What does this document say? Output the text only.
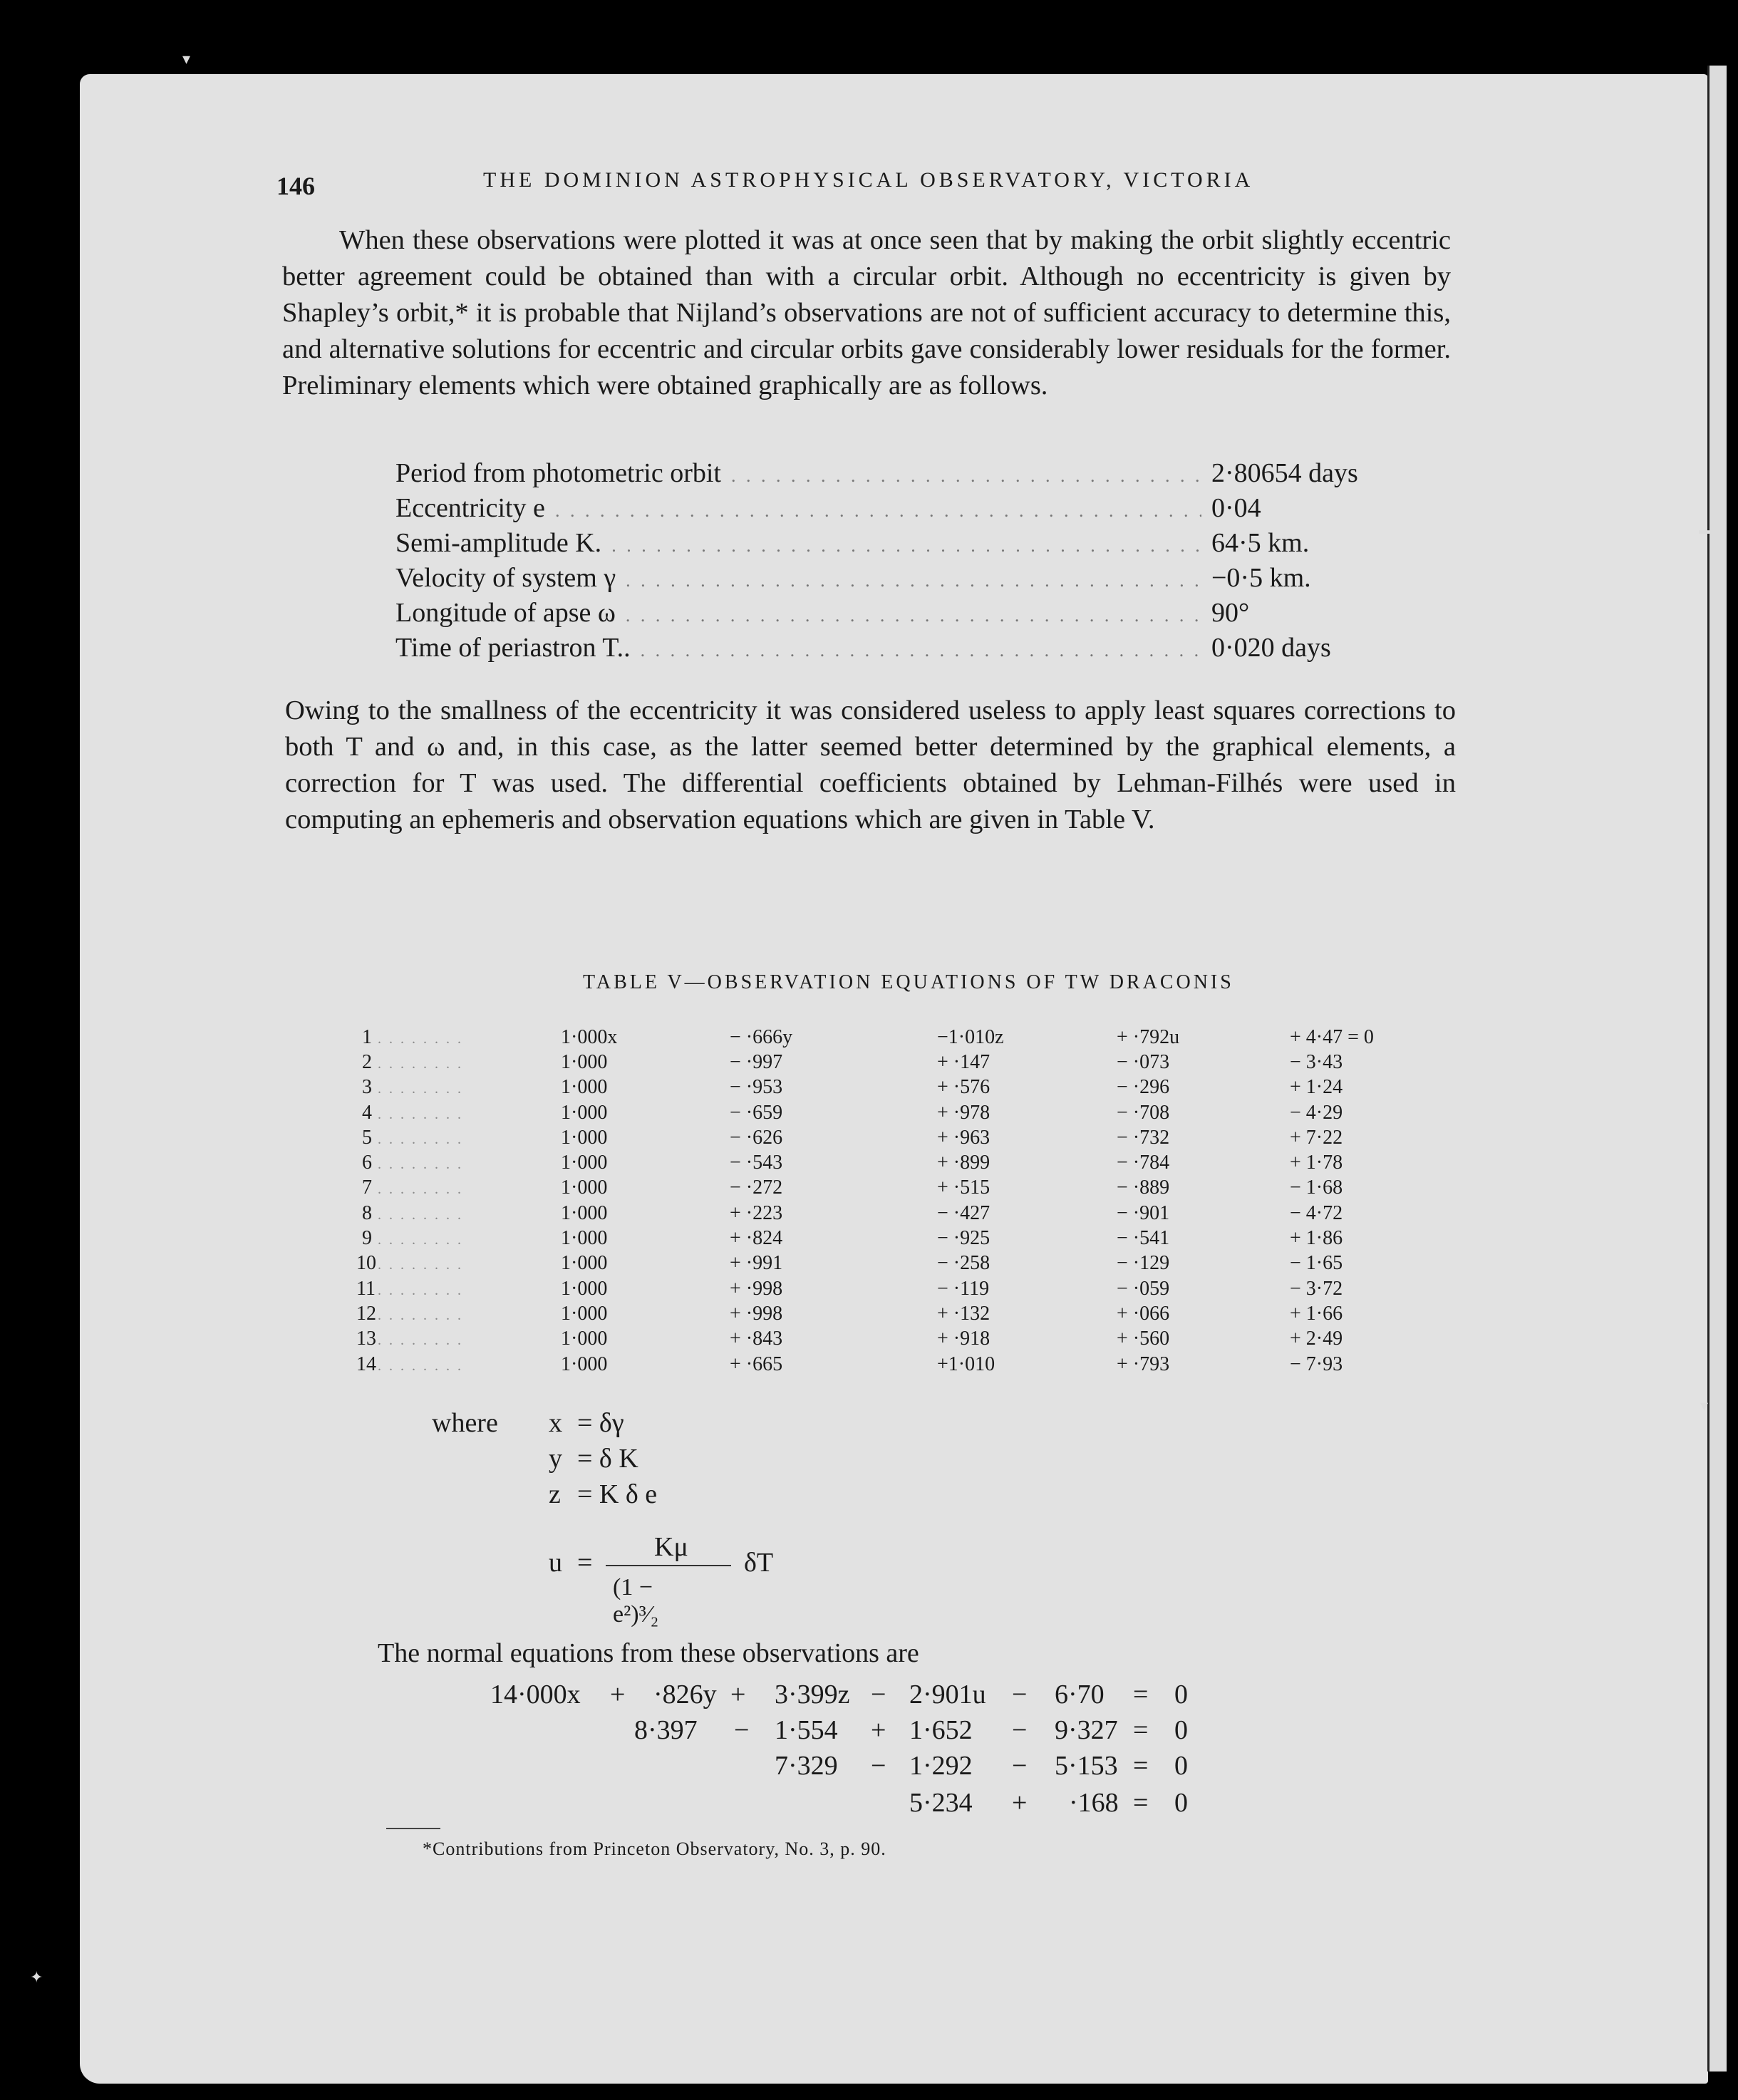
▾
▬
▾
✦
146	THE DOMINION ASTROPHYSICAL OBSERVATORY, VICTORIA

When these observations were plotted it was at once seen that by making the orbit slightly eccentric better agreement could be obtained than with a circular orbit. Although no eccentricity is given by Shapley’s orbit,* it is probable that Nijland’s observations are not of sufficient accuracy to determine this, and alternative solutions for eccentric and circular orbits gave considerably lower residuals for the former. Preliminary elements which were obtained graphically are as follows.

Period from photometric orbit . . .	2·80654 days
Eccentricity e . . .	0·04
Semi-amplitude K. . . .	64·5 km.
Velocity of system γ . . .	−0·5 km.
Longitude of apse ω . . .	90°
Time of periastron T.. . . .	0·020 days

Owing to the smallness of the eccentricity it was considered useless to apply least squares corrections to both T and ω and, in this case, as the latter seemed better determined by the graphical elements, a correction for T was used. The differential coefficients obtained by Lehman-Filhés were used in computing an ephemeris and observation equations which are given in Table V.

TABLE V—OBSERVATION EQUATIONS OF TW DRACONIS
1 . . . . . . . .	1·000x	− ·666y	−1·010z	+ ·792u	+ 4·47 = 0
2 . . . . . . . .	1·000	− ·997	+ ·147	− ·073	− 3·43
3 . . . . . . . .	1·000	− ·953	+ ·576	− ·296	+ 1·24
4 . . . . . . . .	1·000	− ·659	+ ·978	− ·708	− 4·29
5 . . . . . . . .	1·000	− ·626	+ ·963	− ·732	+ 7·22
6 . . . . . . . .	1·000	− ·543	+ ·899	− ·784	+ 1·78
7 . . . . . . . .	1·000	− ·272	+ ·515	− ·889	− 1·68
8 . . . . . . . .	1·000	+ ·223	− ·427	− ·901	− 4·72
9 . . . . . . . .	1·000	+ ·824	− ·925	− ·541	+ 1·86
10 . . . . . . . .	1·000	+ ·991	− ·258	− ·129	− 1·65
11 . . . . . . . .	1·000	+ ·998	− ·119	− ·059	− 3·72
12 . . . . . . . .	1·000	+ ·998	+ ·132	+ ·066	+ 1·66
13 . . . . . . . .	1·000	+ ·843	+ ·918	+ ·560	+ 2·49
14 . . . . . . . .	1·000	+ ·665	+1·010	+ ·793	− 7·93
where x = δγ
y = δ K
z = K δ e
u =
Kμ
(1 − e²)³⁄₂
δT
The normal equations from these observations are
14·000x + ·826y + 3·399z − 2·901u − 6·70 = 0
8·397 − 1·554 + 1·652 − 9·327 = 0
7·329 − 1·292 − 5·153 = 0
5·234 + ·168 = 0
*Contributions from Princeton Observatory, No. 3, p. 90.
